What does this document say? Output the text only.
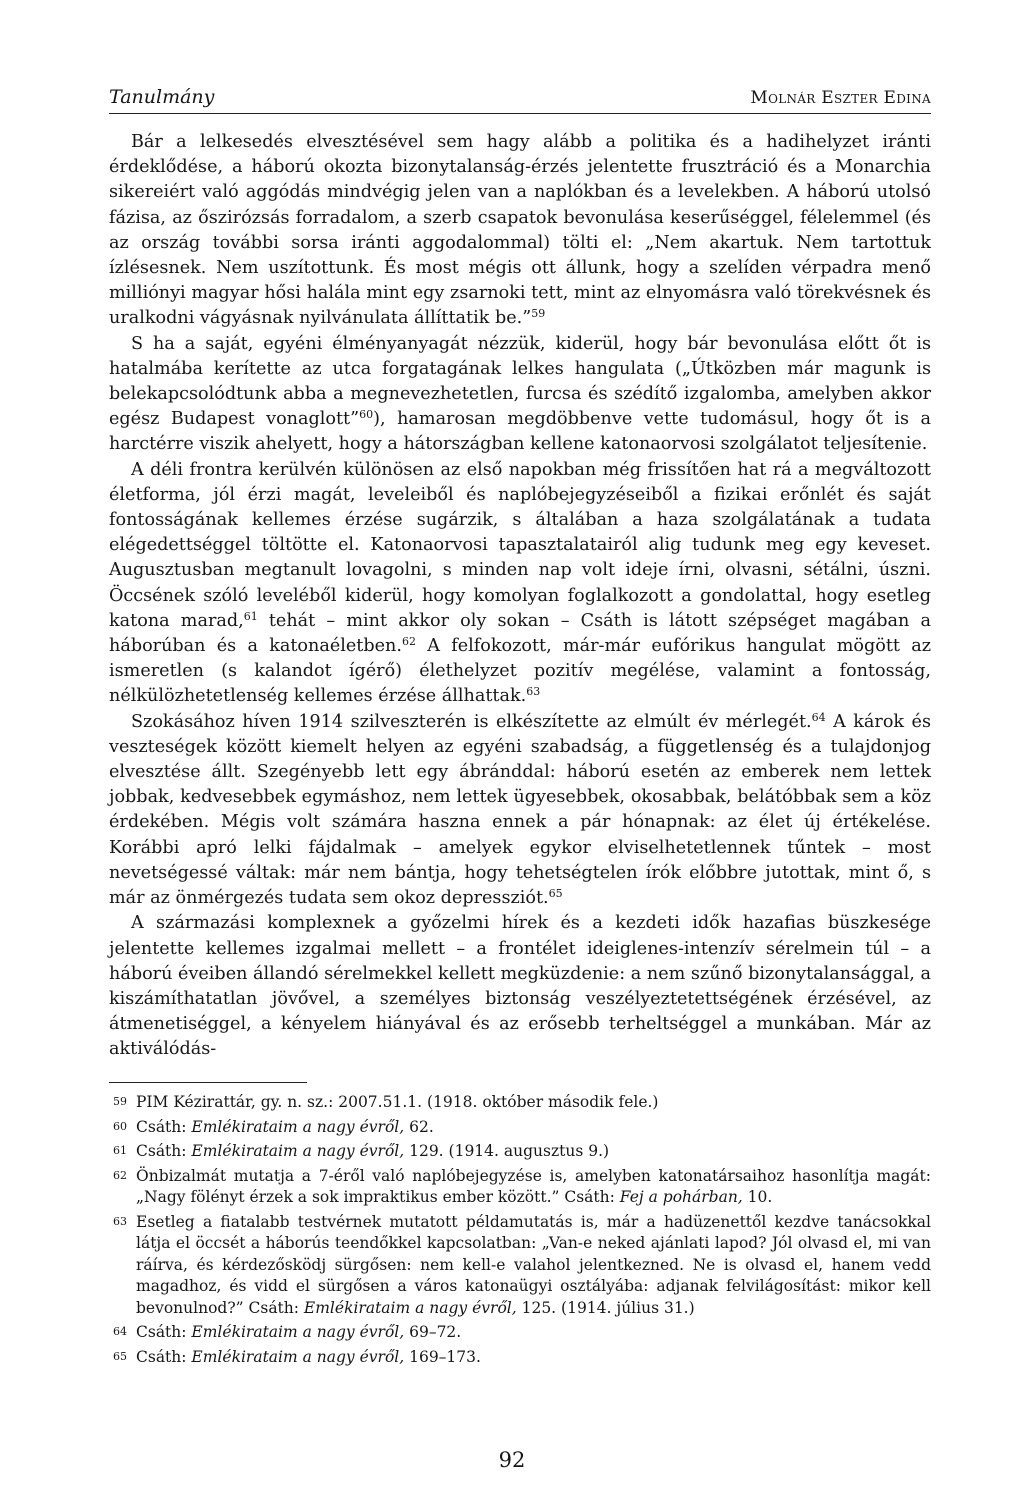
Tanulmány	Molnár Eszter Edina

Bár a lelkesedés elvesztésével sem hagy alább a politika és a hadihelyzet iránti érdeklődése, a háború okozta bizonytalanság-érzés jelentette frusztráció és a Monarchia sikereiért való aggódás mindvégig jelen van a naplókban és a levelekben. A háború utolsó fázisa, az őszirózsás forradalom, a szerb csapatok bevonulása keserűséggel, félelemmel (és az ország további sorsa iránti aggodalommal) tölti el: „Nem akartuk. Nem tartottuk ízlésesnek. Nem uszítottunk. És most mégis ott állunk, hogy a szelíden vérpadra menő milliónyi magyar hősi halála mint egy zsarnoki tett, mint az elnyomásra való törekvésnek és uralkodni vágyásnak nyilvánulata állíttatik be.”$^{59}$

S ha a saját, egyéni élményanyagát nézzük, kiderül, hogy bár bevonulása előtt őt is hatalmába kerítette az utca forgatagának lelkes hangulata („Útközben már magunk is belekapcsolódtunk abba a megnevezhetetlen, furcsa és szédítő izgalomba, amelyben akkor egész Budapest vonaglott”$^{60}$), hamarosan megdöbbenve vette tudomásul, hogy őt is a harctérre viszik ahelyett, hogy a hátországban kellene katonaorvosi szolgálatot teljesítenie.

A déli frontra kerülvén különösen az első napokban még frissítően hat rá a megváltozott életforma, jól érzi magát, leveleiből és naplóbejegyzéseiből a fizikai erőnlét és saját fontosságának kellemes érzése sugárzik, s általában a haza szolgálatának a tudata elégedettséggel töltötte el. Katonaorvosi tapasztalatairól alig tudunk meg egy keveset. Augusztusban megtanult lovagolni, s minden nap volt ideje írni, olvasni, sétálni, úszni. Öccsének szóló leveléből kiderül, hogy komolyan foglalkozott a gondolattal, hogy esetleg katona marad,$^{61}$ tehát – mint akkor oly sokan – Csáth is látott szépséget magában a háborúban és a katonaéletben.$^{62}$ A felfokozott, már-már eufórikus hangulat mögött az ismeretlen (s kalandot ígérő) élethelyzet pozitív megélése, valamint a fontosság, nélkülözhetetlenség kellemes érzése állhattak.$^{63}$

Szokásához híven 1914 szilveszterén is elkészítette az elmúlt év mérlegét.$^{64}$ A károk és veszteségek között kiemelt helyen az egyéni szabadság, a függetlenség és a tulajdonjog elvesztése állt. Szegényebb lett egy ábránddal: háború esetén az emberek nem lettek jobbak, kedvesebbek egymáshoz, nem lettek ügyesebbek, okosabbak, belátóbbak sem a köz érdekében. Mégis volt számára haszna ennek a pár hónapnak: az élet új értékelése. Korábbi apró lelki fájdalmak – amelyek egykor elviselhetetlennek tűntek – most nevetségessé váltak: már nem bántja, hogy tehetségtelen írók előbbre jutottak, mint ő, s már az önmérgezés tudata sem okoz depressziót.$^{65}$

A származási komplexnek a győzelmi hírek és a kezdeti idők hazafias büszkesége jelentette kellemes izgalmai mellett – a frontélet ideiglenes-intenzív sérelmein túl – a háború éveiben állandó sérelmekkel kellett megküzdenie: a nem szűnő bizonytalansággal, a kiszámíthatatlan jövővel, a személyes biztonság veszélyeztetettségének érzésével, az átmenetiséggel, a kényelem hiányával és az erősebb terheltséggel a munkában. Már az aktiválódás-

59 PIM Kézirattár, gy. n. sz.: 2007.51.1. (1918. október második fele.)
60 Csáth: Emlékirataim a nagy évről, 62.
61 Csáth: Emlékirataim a nagy évről, 129. (1914. augusztus 9.)
62 Önbizalmát mutatja a 7-éről való naplóbejegyzése is, amelyben katonatársaihoz hasonlítja magát: „Nagy fölényt érzek a sok impraktikus ember között.” Csáth: Fej a pohárban, 10.
63 Esetleg a fiatalabb testvérnek mutatott példamutatás is, már a hadüzenettől kezdve tanácsokkal látja el öccsét a háborús teendőkkel kapcsolatban: „Van-e neked ajánlati lapod? Jól olvasd el, mi van ráírva, és kérdezősködj sürgősen: nem kell-e valahol jelentkezned. Ne is olvasd el, hanem vedd magadhoz, és vidd el sürgősen a város katonaügyi osztályába: adjanak felvilágosítást: mikor kell bevonulnod?” Csáth: Emlékirataim a nagy évről, 125. (1914. július 31.)
64 Csáth: Emlékirataim a nagy évről, 69–72.
65 Csáth: Emlékirataim a nagy évről, 169–173.
92
